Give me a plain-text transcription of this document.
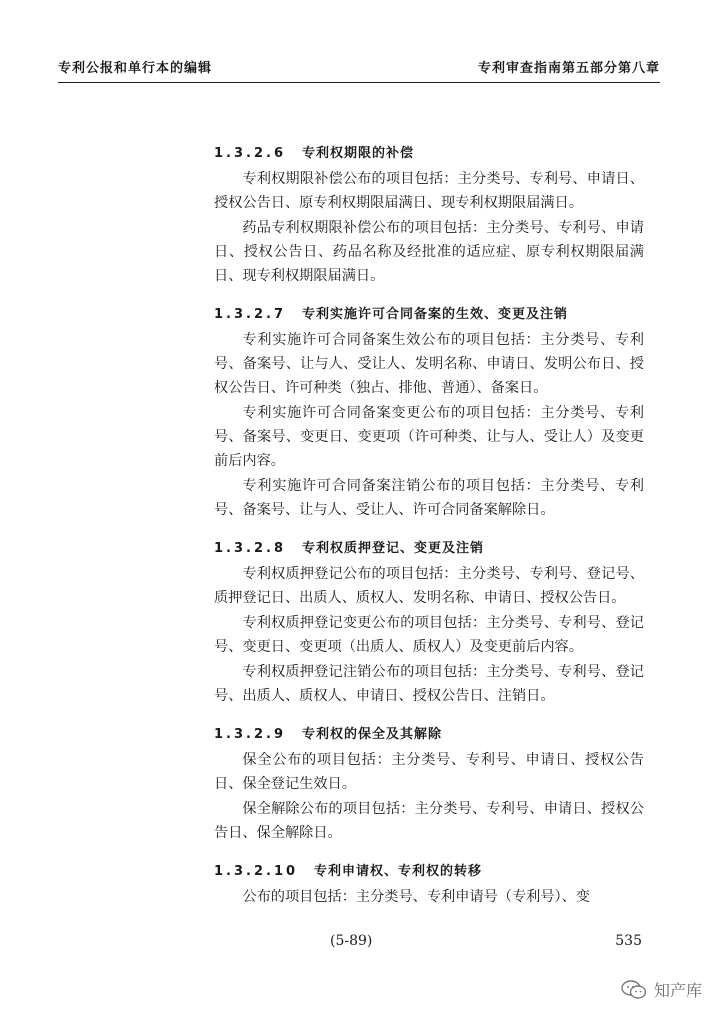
专利公报和单行本的编辑	专利审查指南第五部分第八章
1.3.2.6 专利权期限的补偿

专利权期限补偿公布的项目包括：主分类号、专利号、申请日、授权公告日、原专利权期限届满日、现专利权期限届满日。

药品专利权期限补偿公布的项目包括：主分类号、专利号、申请日、授权公告日、药品名称及经批准的适应症、原专利权期限届满日、现专利权期限届满日。

1.3.2.7 专利实施许可合同备案的生效、变更及注销

专利实施许可合同备案生效公布的项目包括：主分类号、专利号、备案号、让与人、受让人、发明名称、申请日、发明公布日、授权公告日、许可种类（独占、排他、普通）、备案日。

专利实施许可合同备案变更公布的项目包括：主分类号、专利号、备案号、变更日、变更项（许可种类、让与人、受让人）及变更前后内容。

专利实施许可合同备案注销公布的项目包括：主分类号、专利号、备案号、让与人、受让人、许可合同备案解除日。

1.3.2.8 专利权质押登记、变更及注销

专利权质押登记公布的项目包括：主分类号、专利号、登记号、质押登记日、出质人、质权人、发明名称、申请日、授权公告日。

专利权质押登记变更公布的项目包括：主分类号、专利号、登记号、变更日、变更项（出质人、质权人）及变更前后内容。

专利权质押登记注销公布的项目包括：主分类号、专利号、登记号、出质人、质权人、申请日、授权公告日、注销日。

1.3.2.9 专利权的保全及其解除

保全公布的项目包括：主分类号、专利号、申请日、授权公告日、保全登记生效日。

保全解除公布的项目包括：主分类号、专利号、申请日、授权公告日、保全解除日。

1.3.2.10 专利申请权、专利权的转移

公布的项目包括：主分类号、专利申请号（专利号）、变

(5-89)	535
知产库
